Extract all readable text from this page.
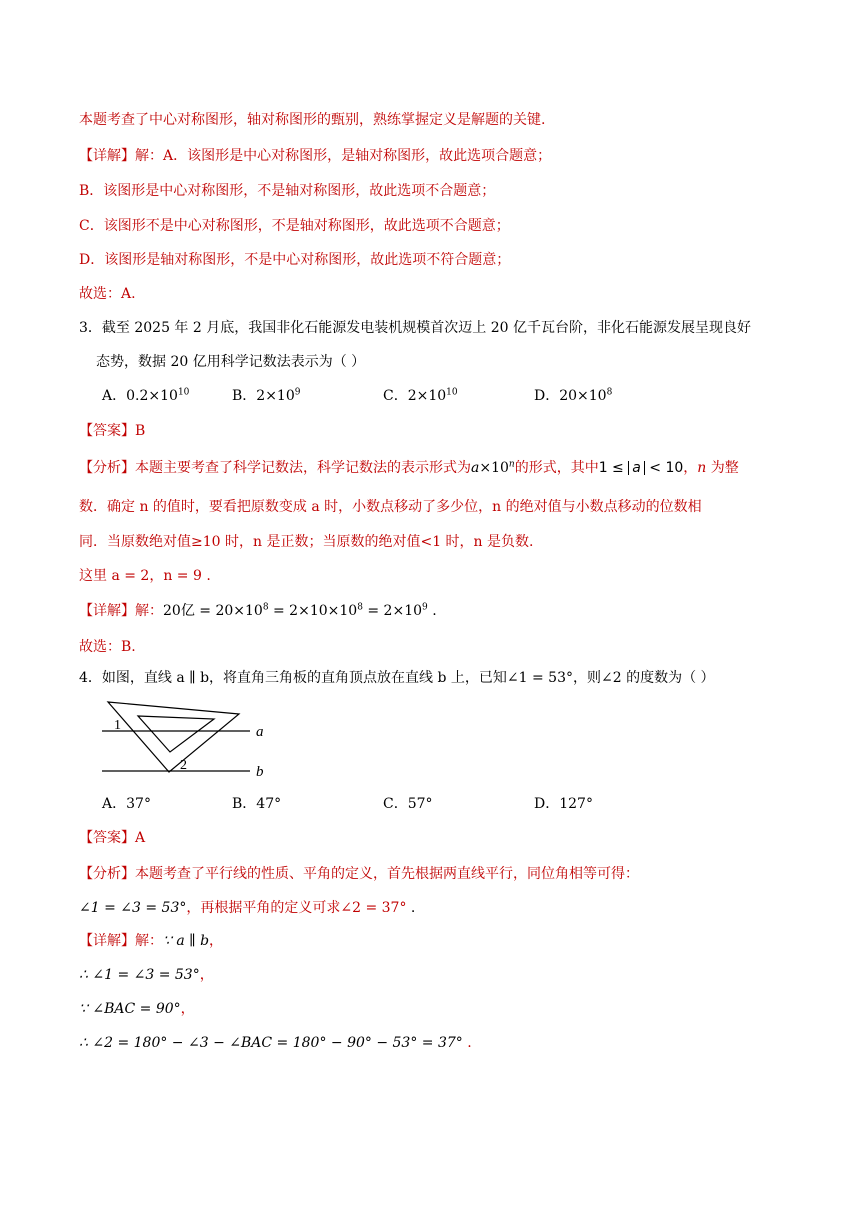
本题考查了中心对称图形，轴对称图形的甄别，熟练掌握定义是解题的关键.
【详解】解：A．该图形是中心对称图形，是轴对称图形，故此选项合题意；
B．该图形是中心对称图形，不是轴对称图形，故此选项不合题意；
C．该图形不是中心对称图形，不是轴对称图形，故此选项不合题意；
D．该图形是轴对称图形，不是中心对称图形，故此选项不符合题意；
故选：A.
3．截至 2025 年 2 月底，我国非化石能源发电装机规模首次迈上 20 亿千瓦台阶，非化石能源发展呈现良好
态势，数据 20 亿用科学记数法表示为（ ）
A．$0.2\times 10^{10}$	B．$2\times 10^9$	C．$2\times 10^{10}$	D．$20\times 10^8$
【答案】B
【分析】本题主要考查了科学记数法，科学记数法的表示形式为$a\times 10^n$的形式，其中1 ≤ a < 10，n 为整
数．确定 n 的值时，要看把原数变成 a 时，小数点移动了多少位，n 的绝对值与小数点移动的位数相
同．当原数绝对值≥10 时，n 是正数；当原数的绝对值<1 时，n 是负数.
这里 a = 2，n = 9 .
【详解】解：20亿 = $20\times 10^8 = 2\times 10\times 10^8 = 2\times 10^9$ .
故选：B.
4．如图，直线 a ∥ b，将直角三角板的直角顶点放在直线 b 上，已知∠1 = 53°，则∠2 的度数为（ ）
1
2
a
b
A．37°	B．47°	C．57°	D．127°
【答案】A
【分析】本题考查了平行线的性质、平角的定义，首先根据两直线平行，同位角相等可得：
∠1 = ∠3 = 53°，再根据平角的定义可求∠2 = 37° .
【详解】解：∵ a ∥ b，
∴ ∠1 = ∠3 = 53°，
∵ ∠BAC = 90°，
∴ ∠2 = 180° − ∠3 − ∠BAC = 180° − 90° − 53° = 37° .
